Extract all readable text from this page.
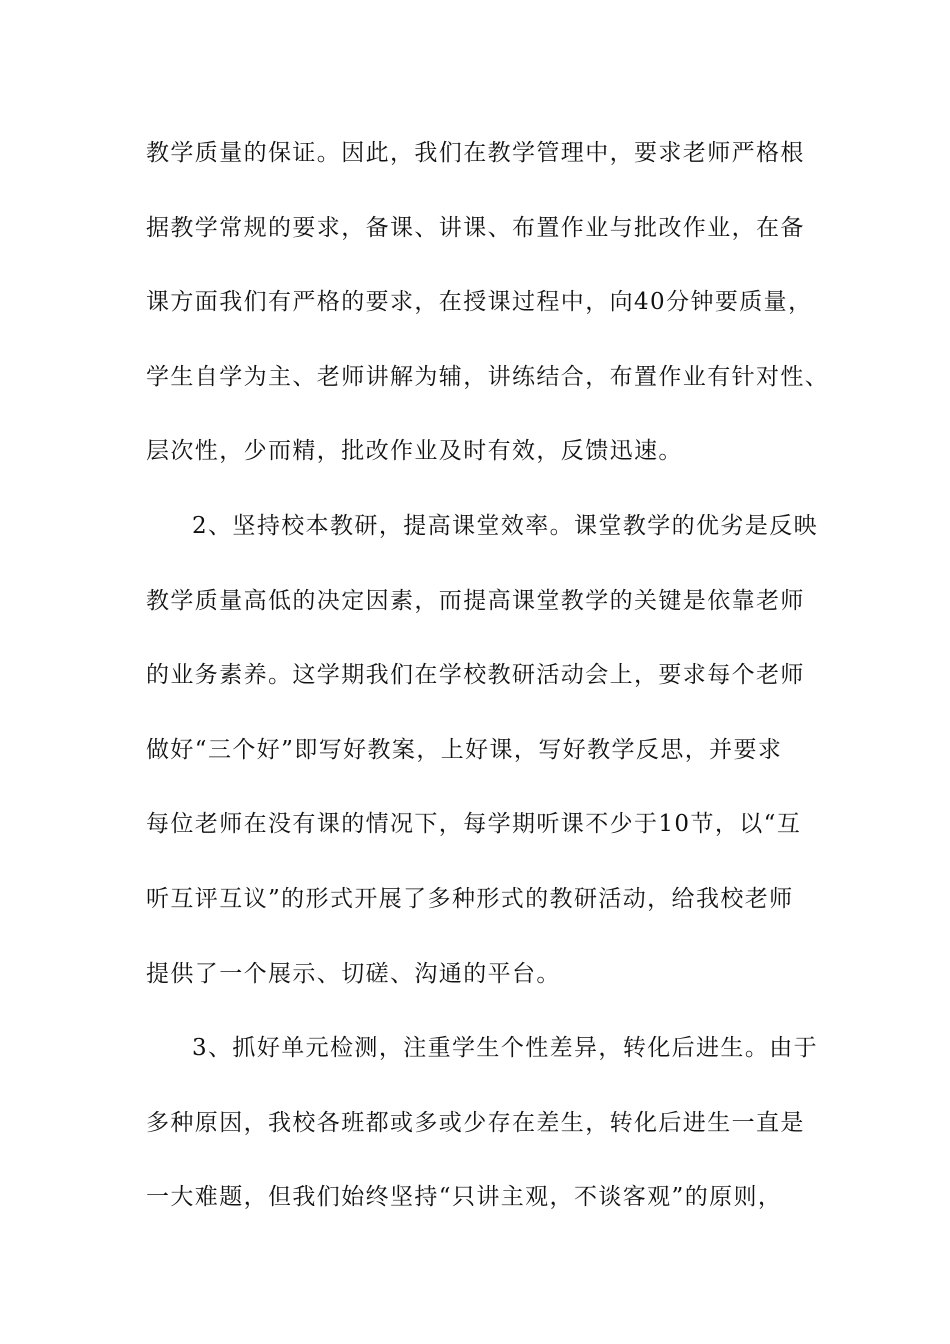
教学质量的保证。因此，我们在教学管理中，要求老师严格根
据教学常规的要求，备课、讲课、布置作业与批改作业，在备
课方面我们有严格的要求，在授课过程中，向40分钟要质量，
学生自学为主、老师讲解为辅，讲练结合，布置作业有针对性、
层次性，少而精，批改作业及时有效，反馈迅速。
2、坚持校本教研，提高课堂效率。课堂教学的优劣是反映
教学质量高低的决定因素，而提高课堂教学的关键是依靠老师
的业务素养。这学期我们在学校教研活动会上，要求每个老师
做好“三个好”即写好教案，上好课，写好教学反思，并要求
每位老师在没有课的情况下，每学期听课不少于10节，以“互
听互评互议”的形式开展了多种形式的教研活动，给我校老师
提供了一个展示、切磋、沟通的平台。
3、抓好单元检测，注重学生个性差异，转化后进生。由于
多种原因，我校各班都或多或少存在差生，转化后进生一直是
一大难题，但我们始终坚持“只讲主观，不谈客观”的原则，
